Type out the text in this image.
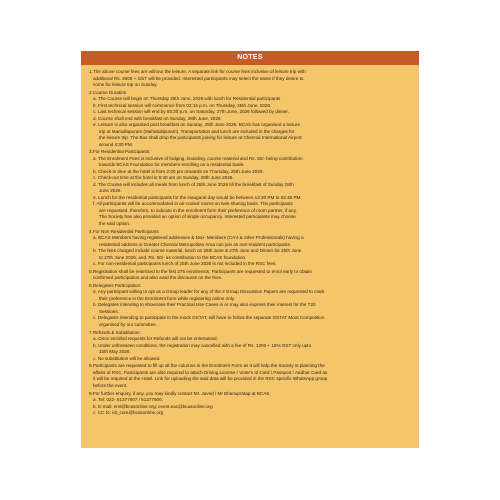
NOTES
1.The above course fees are without the leisure. A separate link for course fees inclusive of leisure trip with
additional Rs. 2000 + GST will be provided. Interested participants may select the same if they desire to
come for leisure trip on Sunday.
2.Course Duration
a. The Course will begin on Thursday 25th June, 2026 with lunch for Residential participants
b. First technical session will commence from 02:15 p.m. on Thursday, 25th June, 2026.
c. Last technical session will end by 05:30 p.m. on Saturday, 27th June, 2026 followed by dinner.
d. Course shall end with breakfast on Sunday, 28th June, 2026
e. Leisure is also organised post breakfast on Sunday, 28th June 2026. BCAS has organised a leisure
trip at Mamallapuram (Mahabalipuram). Transportation and lunch are included in the charges for
the leisure trip. The Bus shall drop the participants joining for leisure at Chennai International Airport
around 4:30 PM.
3.For Residential Participants:
a. The Enrolment Fees is inclusive of lodging, boarding, course material and Rs. 50/- being contribution
towards BCAS Foundation for members enrolling on a residential basis.
b. Check-in time at the hotel is from 2:00 pm onwards on Thursday, 25th June 2026.
c. Check-out time at the hotel is 9:30 am on Sunday, 28th June 2026.
d. The Course will includes all meals from lunch of 25th June 2026 till the breakfast of Sunday 28th
June 2026.
e. Lunch for the residential participants for the inaugural day would be between 12:30 PM to 02:45 PM.
f. All participants will be accommodated in air-cooled rooms on twin sharing basis. The participants
are requested, therefore, to indicate in the enrolment form their preference of room partner, if any.
The Society has also provided an option of single occupancy. Interested participants may choose
the said option.
4.For Non Residential Participants
a. BCAS Members having registered addresses & Non- Members (CA's & other Professionals) having a
residential address in Greater Chennai Metropolitan Area can join as non-resident participants.
b. The fees charged include course material, lunch on 25th June & 27th June and Dinner for 25th June
to 27th June 2026, and, Rs. 50/- as contribution to the BCAS foundation.
c. For non-residential participants lunch of 25th June 2026 is not included in the RSC fees.
5.Registration shall be restricted to the first 275 enrolments. Participants are requested to enrol early to obtain
confirmed participation and also avail the discounts on the fees.
6.Delegates Participation:
a. Any participant willing to opt as a Group leader for any of the 2 Group Discussion Papers are requested to mark
their preference in the Enrolment form while registering online only.
b. Delegates intending to showcase their Practical Use Cases in AI may also express their interest for the T20
Sessions.
c. Delegates intending to participate in the mock GSTAT, will have to follow the separate GSTAT Moot Competition
organised by our committee.
7.Refunds & Substitution:
a. Once enrolled requests for Refunds will not be entertained.
b. Under unforeseen conditions, the registration may cancelled with a fee of Rs. 1200 + 18% GST only upto
15th May 2026.
c. No substitution will be allowed.
8.Participants are requested to fill up all the columns in the Enrolment Form as it will help the Society in planning the
affairs of RSC. Participants are also required to attach Driving License / Voter's Id Card / Passport / Aadhar Card as
it will be required at the Hotel. Link for uploading the said data will be provided in the RSC specific WhatsApp group
before the event.
9.For further enquiry, if any, you may kindly contact Mr. Javed / Mr Bhanupratap at BCAS.
a. Tel: 022- 61377607 / 61377606.
b. E-mail: emi@bcasonline.org; event.eac@bcasonline.org
c. CC to: idt_core@bcasonline.org
